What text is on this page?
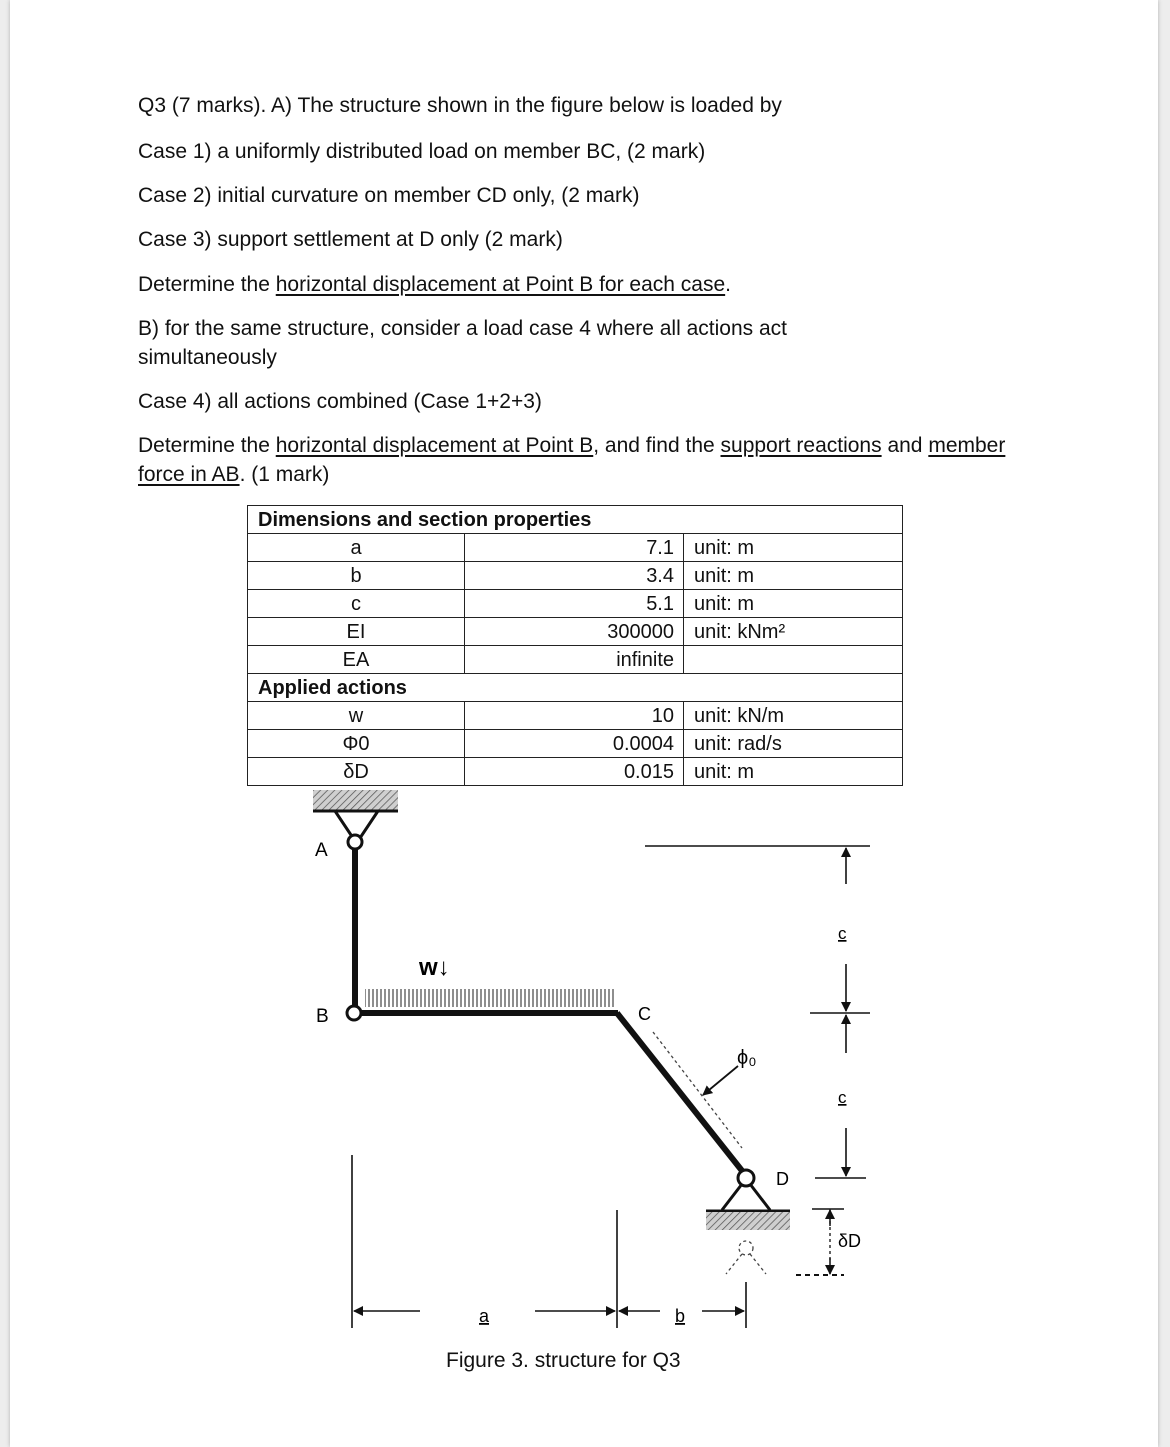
Q3 (7 marks). A) The structure shown in the figure below is loaded by

Case 1) a uniformly distributed load on member BC, (2 mark)

Case 2) initial curvature on member CD only, (2 mark)

Case 3) support settlement at D only (2 mark)

Determine the horizontal displacement at Point B for each case.

B) for the same structure, consider a load case 4 where all actions act simultaneously

Case 4) all actions combined (Case 1+2+3)

Determine the horizontal displacement at Point B, and find the support reactions and member force in AB. (1 mark)

Dimensions and section properties		
a	7.1	unit: m
b	3.4	unit: m
c	5.1	unit: m
EI	300000	unit: kNm²
EA	infinite	
Applied actions		
w	10	unit: kN/m
Φ0	0.0004	unit: rad/s
δD	0.015	unit: m
A
B	C
D
w↓
ϕ₀
a	b
c
c
δD
Figure 3. structure for Q3
